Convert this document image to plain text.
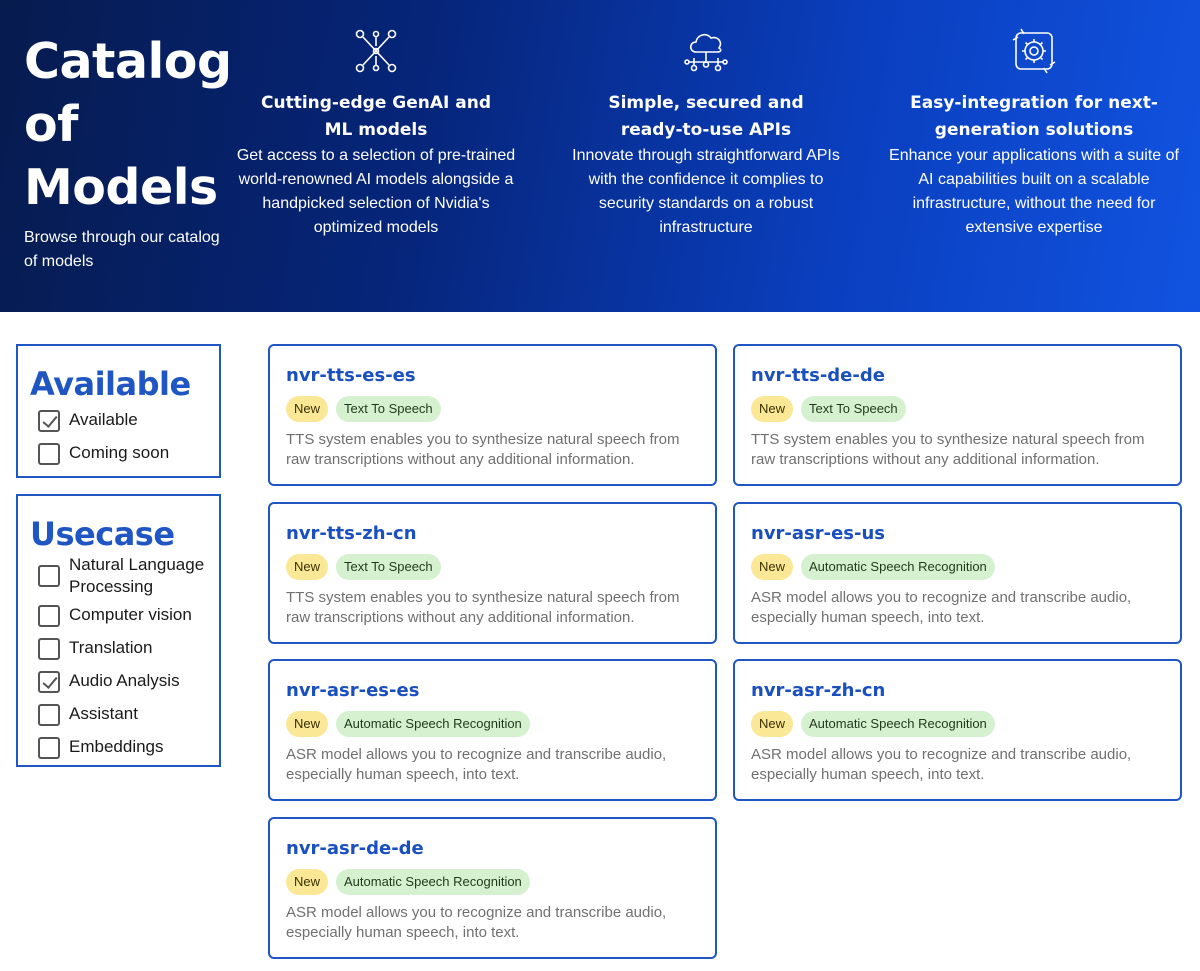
Catalog of Models

Browse through our catalog of models

Cutting-edge GenAI and ML models
Get access to a selection of pre-trained world-renowned AI models alongside a handpicked selection of Nvidia's optimized models
Simple, secured and ready-to-use APIs
Innovate through straightforward APIs with the confidence it complies to security standards on a robust infrastructure
Easy-integration for next-generation solutions
Enhance your applications with a suite of AI capabilities built on a scalable infrastructure, without the need for extensive expertise
Available
Available
Coming soon
Usecase
Natural Language Processing
Computer vision
Translation
Audio Analysis
Assistant
Embeddings
nvr-tts-es-es
New	Text To Speech

TTS system enables you to synthesize natural speech from raw transcriptions without any additional information.

nvr-tts-de-de
New	Text To Speech

TTS system enables you to synthesize natural speech from raw transcriptions without any additional information.

nvr-tts-zh-cn
New	Text To Speech

TTS system enables you to synthesize natural speech from raw transcriptions without any additional information.

nvr-asr-es-us
New	Automatic Speech Recognition

ASR model allows you to recognize and transcribe audio, especially human speech, into text.

nvr-asr-es-es
New	Automatic Speech Recognition

ASR model allows you to recognize and transcribe audio, especially human speech, into text.

nvr-asr-zh-cn
New	Automatic Speech Recognition

ASR model allows you to recognize and transcribe audio, especially human speech, into text.

nvr-asr-de-de
New	Automatic Speech Recognition

ASR model allows you to recognize and transcribe audio, especially human speech, into text.
